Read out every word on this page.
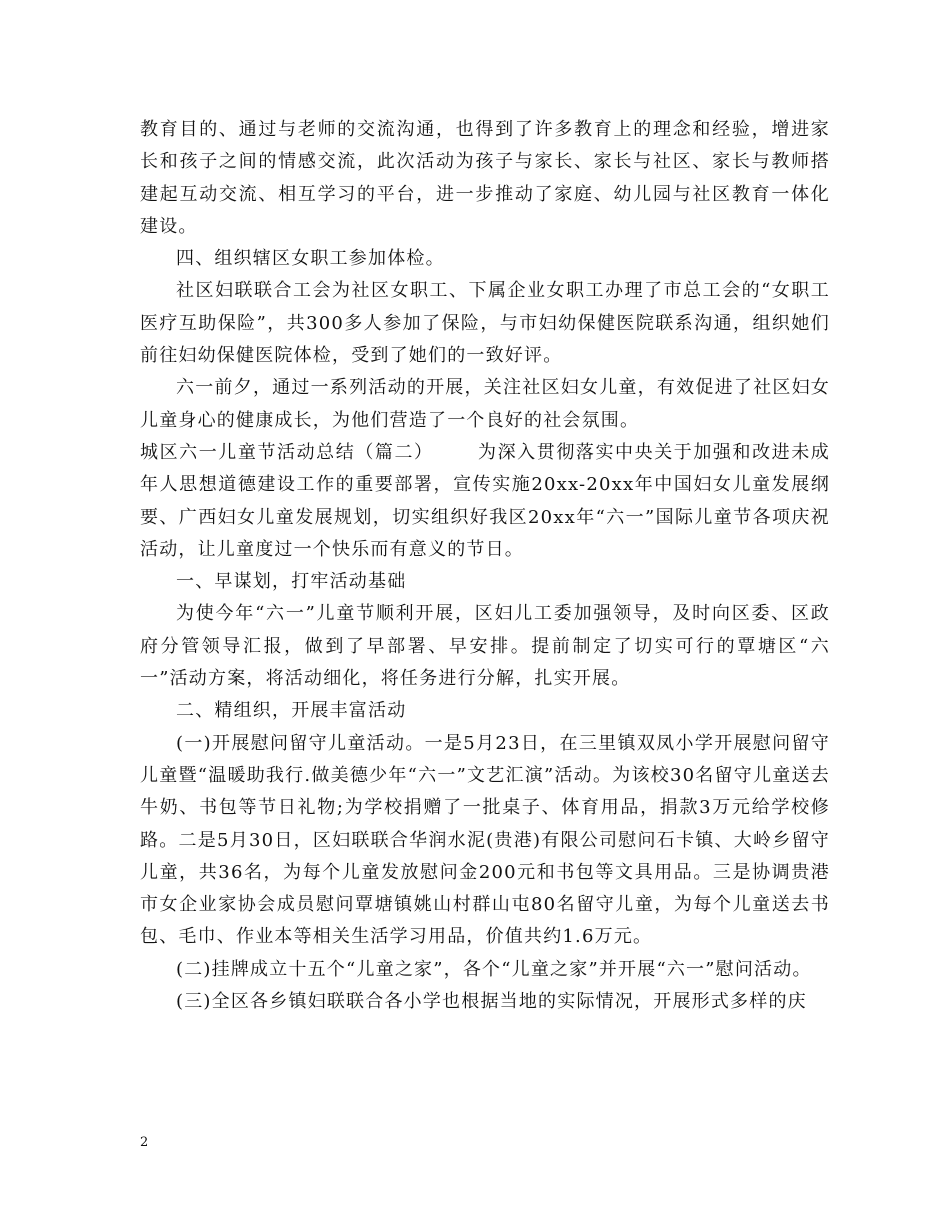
教育目的、通过与老师的交流沟通，也得到了许多教育上的理念和经验，增进家长和孩子之间的情感交流，此次活动为孩子与家长、家长与社区、家长与教师搭建起互动交流、相互学习的平台，进一步推动了家庭、幼儿园与社区教育一体化建设。

四、组织辖区女职工参加体检。

社区妇联联合工会为社区女职工、下属企业女职工办理了市总工会的“女职工医疗互助保险”，共300多人参加了保险，与市妇幼保健医院联系沟通，组织她们前往妇幼保健医院体检，受到了她们的一致好评。

六一前夕，通过一系列活动的开展，关注社区妇女儿童，有效促进了社区妇女儿童身心的健康成长，为他们营造了一个良好的社会氛围。

城区六一儿童节活动总结（篇二） 为深入贯彻落实中央关于加强和改进未成年人思想道德建设工作的重要部署，宣传实施20xx-20xx年中国妇女儿童发展纲要、广西妇女儿童发展规划，切实组织好我区20xx年“六一”国际儿童节各项庆祝活动，让儿童度过一个快乐而有意义的节日。

一、早谋划，打牢活动基础

为使今年“六一”儿童节顺利开展，区妇儿工委加强领导，及时向区委、区政府分管领导汇报，做到了早部署、早安排。提前制定了切实可行的覃塘区“六一”活动方案，将活动细化，将任务进行分解，扎实开展。

二、精组织，开展丰富活动

(一)开展慰问留守儿童活动。一是5月23日，在三里镇双凤小学开展慰问留守儿童暨“温暖助我行.做美德少年“六一”文艺汇演”活动。为该校30名留守儿童送去牛奶、书包等节日礼物;为学校捐赠了一批桌子、体育用品，捐款3万元给学校修路。二是5月30日，区妇联联合华润水泥(贵港)有限公司慰问石卡镇、大岭乡留守儿童，共36名，为每个儿童发放慰问金200元和书包等文具用品。三是协调贵港市女企业家协会成员慰问覃塘镇姚山村群山屯80名留守儿童，为每个儿童送去书包、毛巾、作业本等相关生活学习用品，价值共约1.6万元。

(二)挂牌成立十五个“儿童之家”，各个“儿童之家”并开展“六一”慰问活动。

(三)全区各乡镇妇联联合各小学也根据当地的实际情况，开展形式多样的庆

2
